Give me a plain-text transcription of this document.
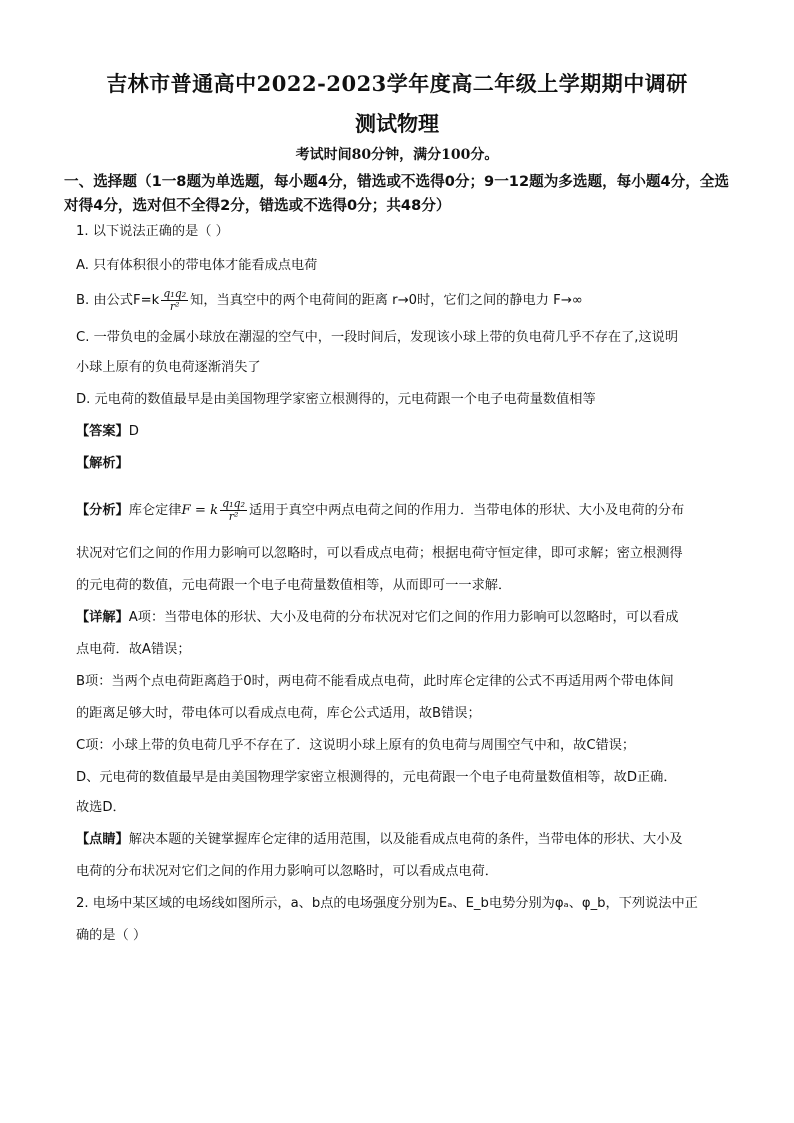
吉林市普通高中2022-2023学年度高二年级上学期期中调研
测试物理
考试时间80分钟，满分100分。
一、选择题（1一8题为单选题，每小题4分，错选或不选得0分；9一12题为多选题，每小题4分，全选对得4分，选对但不全得2分，错选或不选得0分；共48分）
1. 以下说法正确的是（ ）
A. 只有体积很小的带电体才能看成点电荷
B. 由公式$F=k \frac{\text{q₁q₂}}{\text{r²}}$ 知，当真空中的两个电荷间的距离 r→0时，它们之间的静电力 F→∞
C. 一带负电的金属小球放在潮湿的空气中，一段时间后，发现该小球上带的负电荷几乎不存在了,这说明
小球上原有的负电荷逐渐消失了
D. 元电荷的数值最早是由美国物理学家密立根测得的，元电荷跟一个电子电荷量数值相等
【答案】D
【解析】
【分析】库仑定律F = k $\frac{\text{q₁q₂}}{\text{r²}}$ 适用于真空中两点电荷之间的作用力．当带电体的形状、大小及电荷的分布
状况对它们之间的作用力影响可以忽略时，可以看成点电荷；根据电荷守恒定律，即可求解；密立根测得
的元电荷的数值，元电荷跟一个电子电荷量数值相等，从而即可一一求解．
【详解】A项：当带电体的形状、大小及电荷的分布状况对它们之间的作用力影响可以忽略时，可以看成
点电荷．故A错误；
B项：当两个点电荷距离趋于0时，两电荷不能看成点电荷，此时库仑定律的公式不再适用两个带电体间
的距离足够大时，带电体可以看成点电荷，库仑公式适用，故B错误；
C项：小球上带的负电荷几乎不存在了．这说明小球上原有的负电荷与周围空气中和，故C错误；
D、元电荷的数值最早是由美国物理学家密立根测得的，元电荷跟一个电子电荷量数值相等，故D正确．
故选D．
【点睛】解决本题的关键掌握库仑定律的适用范围，以及能看成点电荷的条件，当带电体的形状、大小及
电荷的分布状况对它们之间的作用力影响可以忽略时，可以看成点电荷．
2. 电场中某区域的电场线如图所示，a、b点的电场强度分别为Eₐ、E_b电势分别为φₐ、φ_b，下列说法中正
确的是（ ）
